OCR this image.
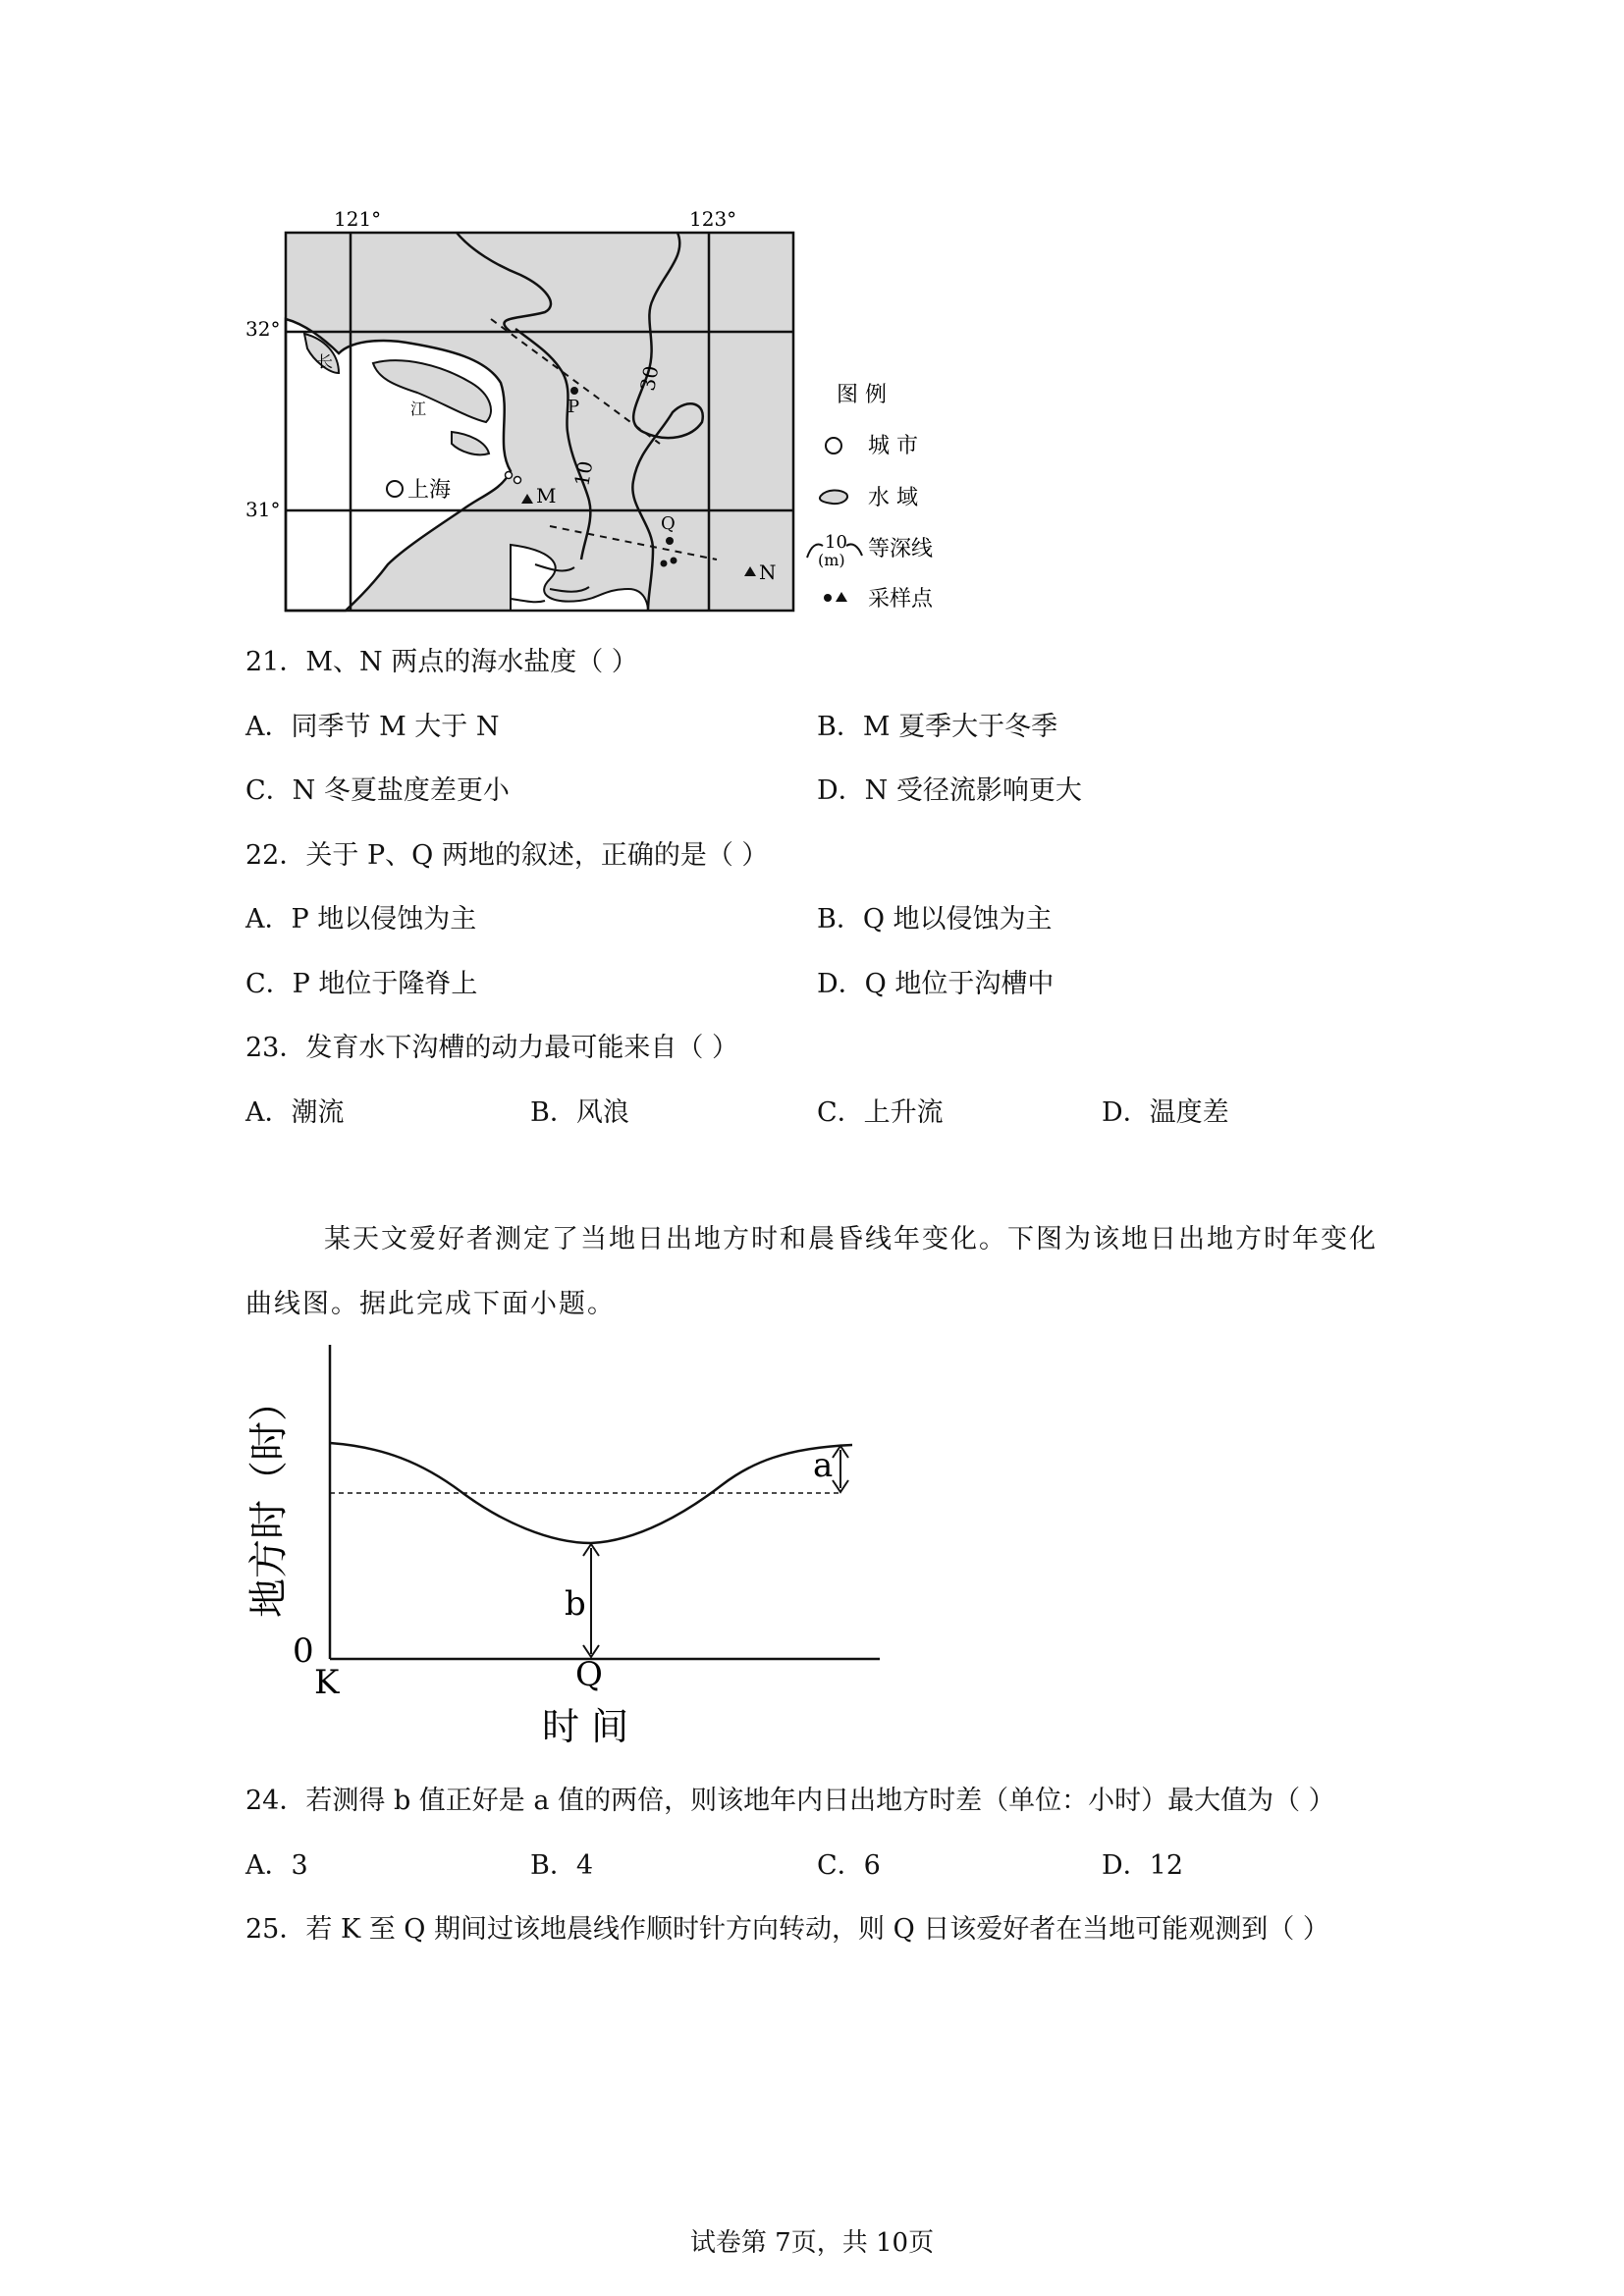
121°	123°
32°
31°
长
江
30
10
上海
P
Q
M
N
图 例
城 市
水 域
10
(m) 等深线
采样点
21．M、N 两点的海水盐度（ ）
A．同季节 M 大于 N	B．M 夏季大于冬季
C．N 冬夏盐度差更小	D．N 受径流影响更大
22．关于 P、Q 两地的叙述，正确的是（ ）
A．P 地以侵蚀为主	B．Q 地以侵蚀为主
C．P 地位于隆脊上	D．Q 地位于沟槽中
23．发育水下沟槽的动力最可能来自（ ）
A．潮流	B．风浪	C．上升流	D．温度差
某天文爱好者测定了当地日出地方时和晨昏线年变化。下图为该地日出地方时年变化
曲线图。据此完成下面小题。
地方时（时）	a
b
0
K	Q
时 间
24．若测得 b 值正好是 a 值的两倍，则该地年内日出地方时差（单位：小时）最大值为（ ）
A．3	B．4	C．6	D．12
25．若 K 至 Q 期间过该地晨线作顺时针方向转动，则 Q 日该爱好者在当地可能观测到（ ）
试卷第 7页，共 10页
